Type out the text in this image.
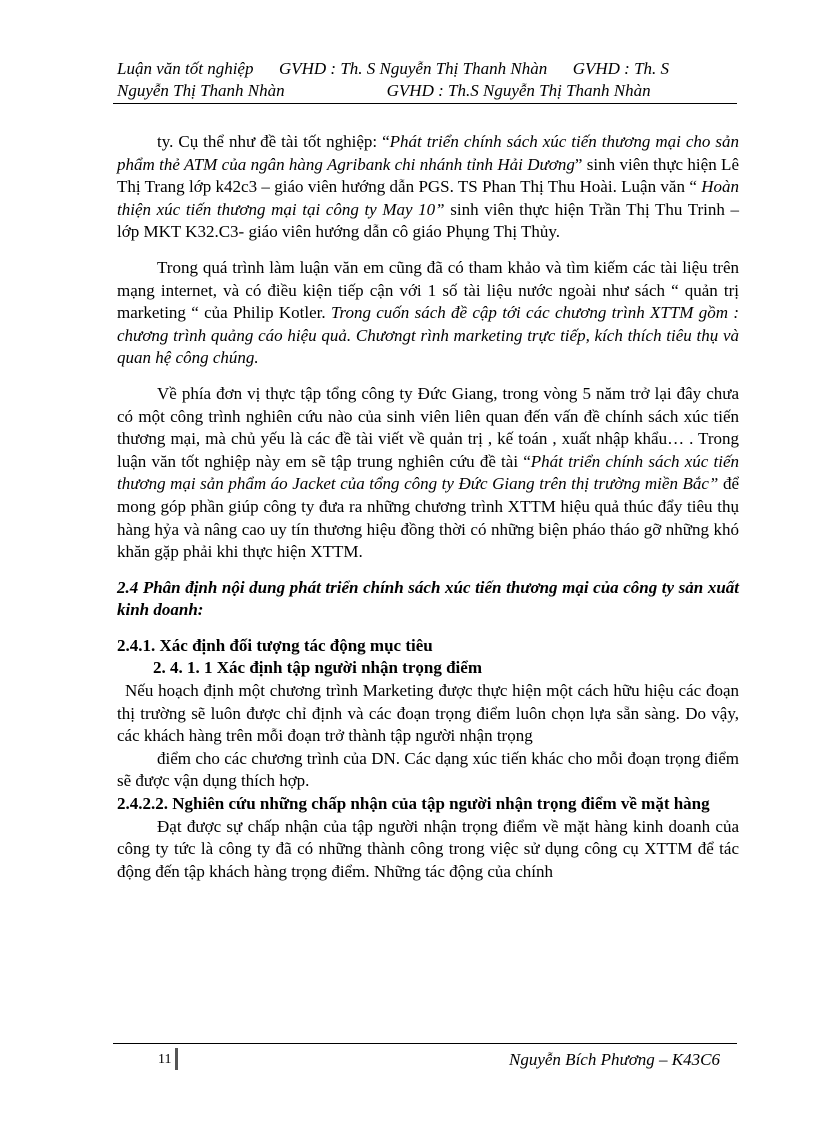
Luận văn tốt nghiệp      GVHD : Th. S Nguyễn Thị Thanh Nhàn      GVHD : Th. S
Nguyễn Thị Thanh Nhàn                        GVHD : Th.S Nguyễn Thị Thanh Nhàn

ty. Cụ thể như đề tài tốt nghiệp: “Phát triển chính sách xúc tiến thương mại cho sản phẩm thẻ ATM của ngân hàng Agribank chi nhánh tỉnh Hải Dương” sinh viên thực hiện Lê Thị Trang lớp k42c3 – giáo viên hướng dẫn PGS. TS Phan Thị Thu Hoài. Luận văn “ Hoàn thiện xúc tiến thương mại tại công ty May 10” sinh viên thực hiện Trần Thị Thu Trinh – lớp MKT K32.C3- giáo viên hướng dẫn cô giáo Phụng Thị Thủy.

Trong quá trình làm luận văn em cũng đã có tham khảo và tìm kiếm các tài liệu trên mạng internet, và có điều kiện tiếp cận với 1 số tài liệu nước ngoài như sách “ quản trị marketing “ của Philip Kotler. Trong cuốn sách đề cập tới các chương trình XTTM gồm : chương trình quảng cáo hiệu quả. Chươngt rình marketing trực tiếp, kích thích tiêu thụ và quan hệ công chúng.

Về phía đơn vị thực tập tổng công ty Đức Giang, trong vòng 5 năm trở lại đây chưa có một công trình nghiên cứu nào của sinh viên liên quan đến vấn đề chính sách xúc tiến thương mại, mà chủ yếu là các đề tài viết về quản trị , kế toán , xuất nhập khẩu… . Trong luận văn tốt nghiệp này em sẽ tập trung nghiên cứu đề tài “Phát triển chính sách xúc tiến thương mại sản phẩm áo Jacket của tổng công ty Đức Giang trên thị trường miền Bắc” để mong góp phần giúp công ty đưa ra những chương trình XTTM hiệu quả thúc đẩy tiêu thụ hàng hỷa và nâng cao uy tín thương hiệu đồng thời có những biện pháo tháo gỡ những khó khăn gặp phải khi thực hiện XTTM.

2.4 Phân định nội dung phát triển chính sách xúc tiến thương mại của công ty sản xuất kinh doanh:

2.4.1. Xác định đối tượng tác động mục tiêu

2. 4. 1. 1 Xác định tập người nhận trọng điểm

Nếu hoạch định một chương trình Marketing được thực hiện một cách hữu hiệu các đoạn thị trường sẽ luôn được chỉ định và các đoạn trọng điểm luôn chọn lựa sẵn sàng. Do vậy, các khách hàng trên mỗi đoạn trở thành tập người nhận trọng

điểm cho các chương trình của DN. Các dạng xúc tiến khác cho mỗi đoạn trọng điểm sẽ được vận dụng thích hợp.

2.4.2.2. Nghiên cứu những chấp nhận của tập người nhận trọng điểm về mặt hàng

Đạt được sự chấp nhận của tập người nhận trọng điểm về mặt hàng kinh doanh của công ty tức là công ty đã có những thành công trong việc sử dụng công cụ XTTM để tác động đến tập khách hàng trọng điểm. Những tác động của chính

11	Nguyễn Bích Phương – K43C6
